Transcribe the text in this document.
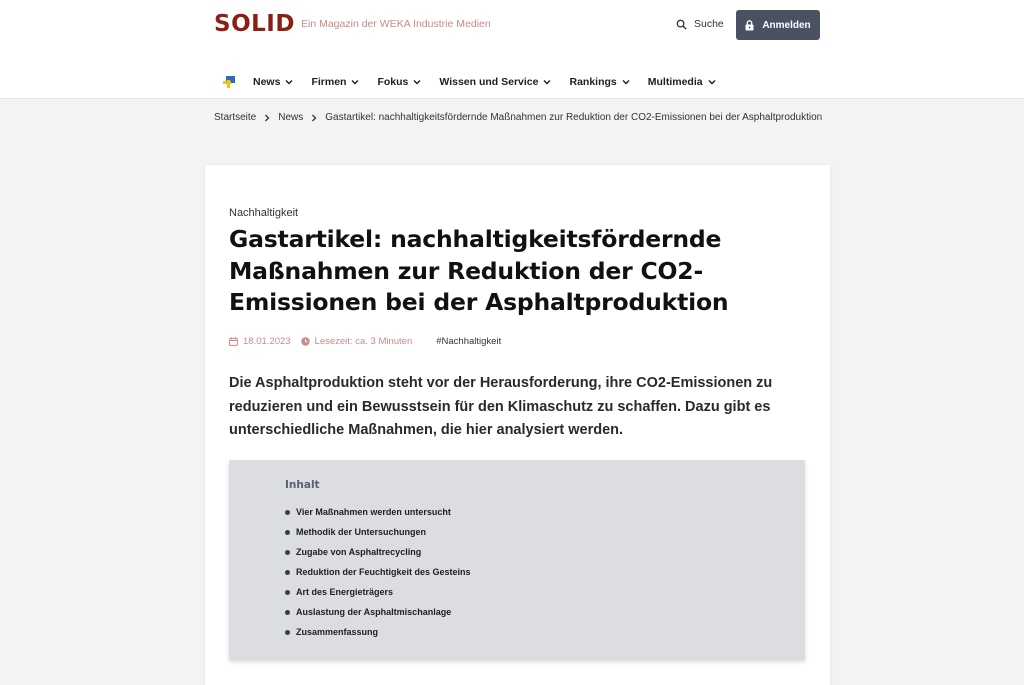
SOLID Ein Magazin der WEKA Industrie Medien	Suche	Anmelden
News	Firmen	Fokus	Wissen und Service	Rankings	Multimedia
Startseite News Gastartikel: nachhaltigkeitsfördernde Maßnahmen zur Reduktion der CO2-Emissionen bei der Asphaltproduktion
Nachhaltigkeit
Gastartikel: nachhaltigkeitsfördernde Maßnahmen zur Reduktion der CO2-Emissionen bei der Asphaltproduktion
18.01.2023	Lesezeit: ca. 3 Minuten	#Nachhaltigkeit

Die Asphaltproduktion steht vor der Herausforderung, ihre CO2-Emissionen zu reduzieren und ein Bewusstsein für den Klimaschutz zu schaffen. Dazu gibt es unterschiedliche Maßnahmen, die hier analysiert werden.

Inhalt
Vier Maßnahmen werden untersucht
Methodik der Untersuchungen
Zugabe von Asphaltrecycling
Reduktion der Feuchtigkeit des Gesteins
Art des Energieträgers
Auslastung der Asphaltmischanlage
Zusammenfassung
